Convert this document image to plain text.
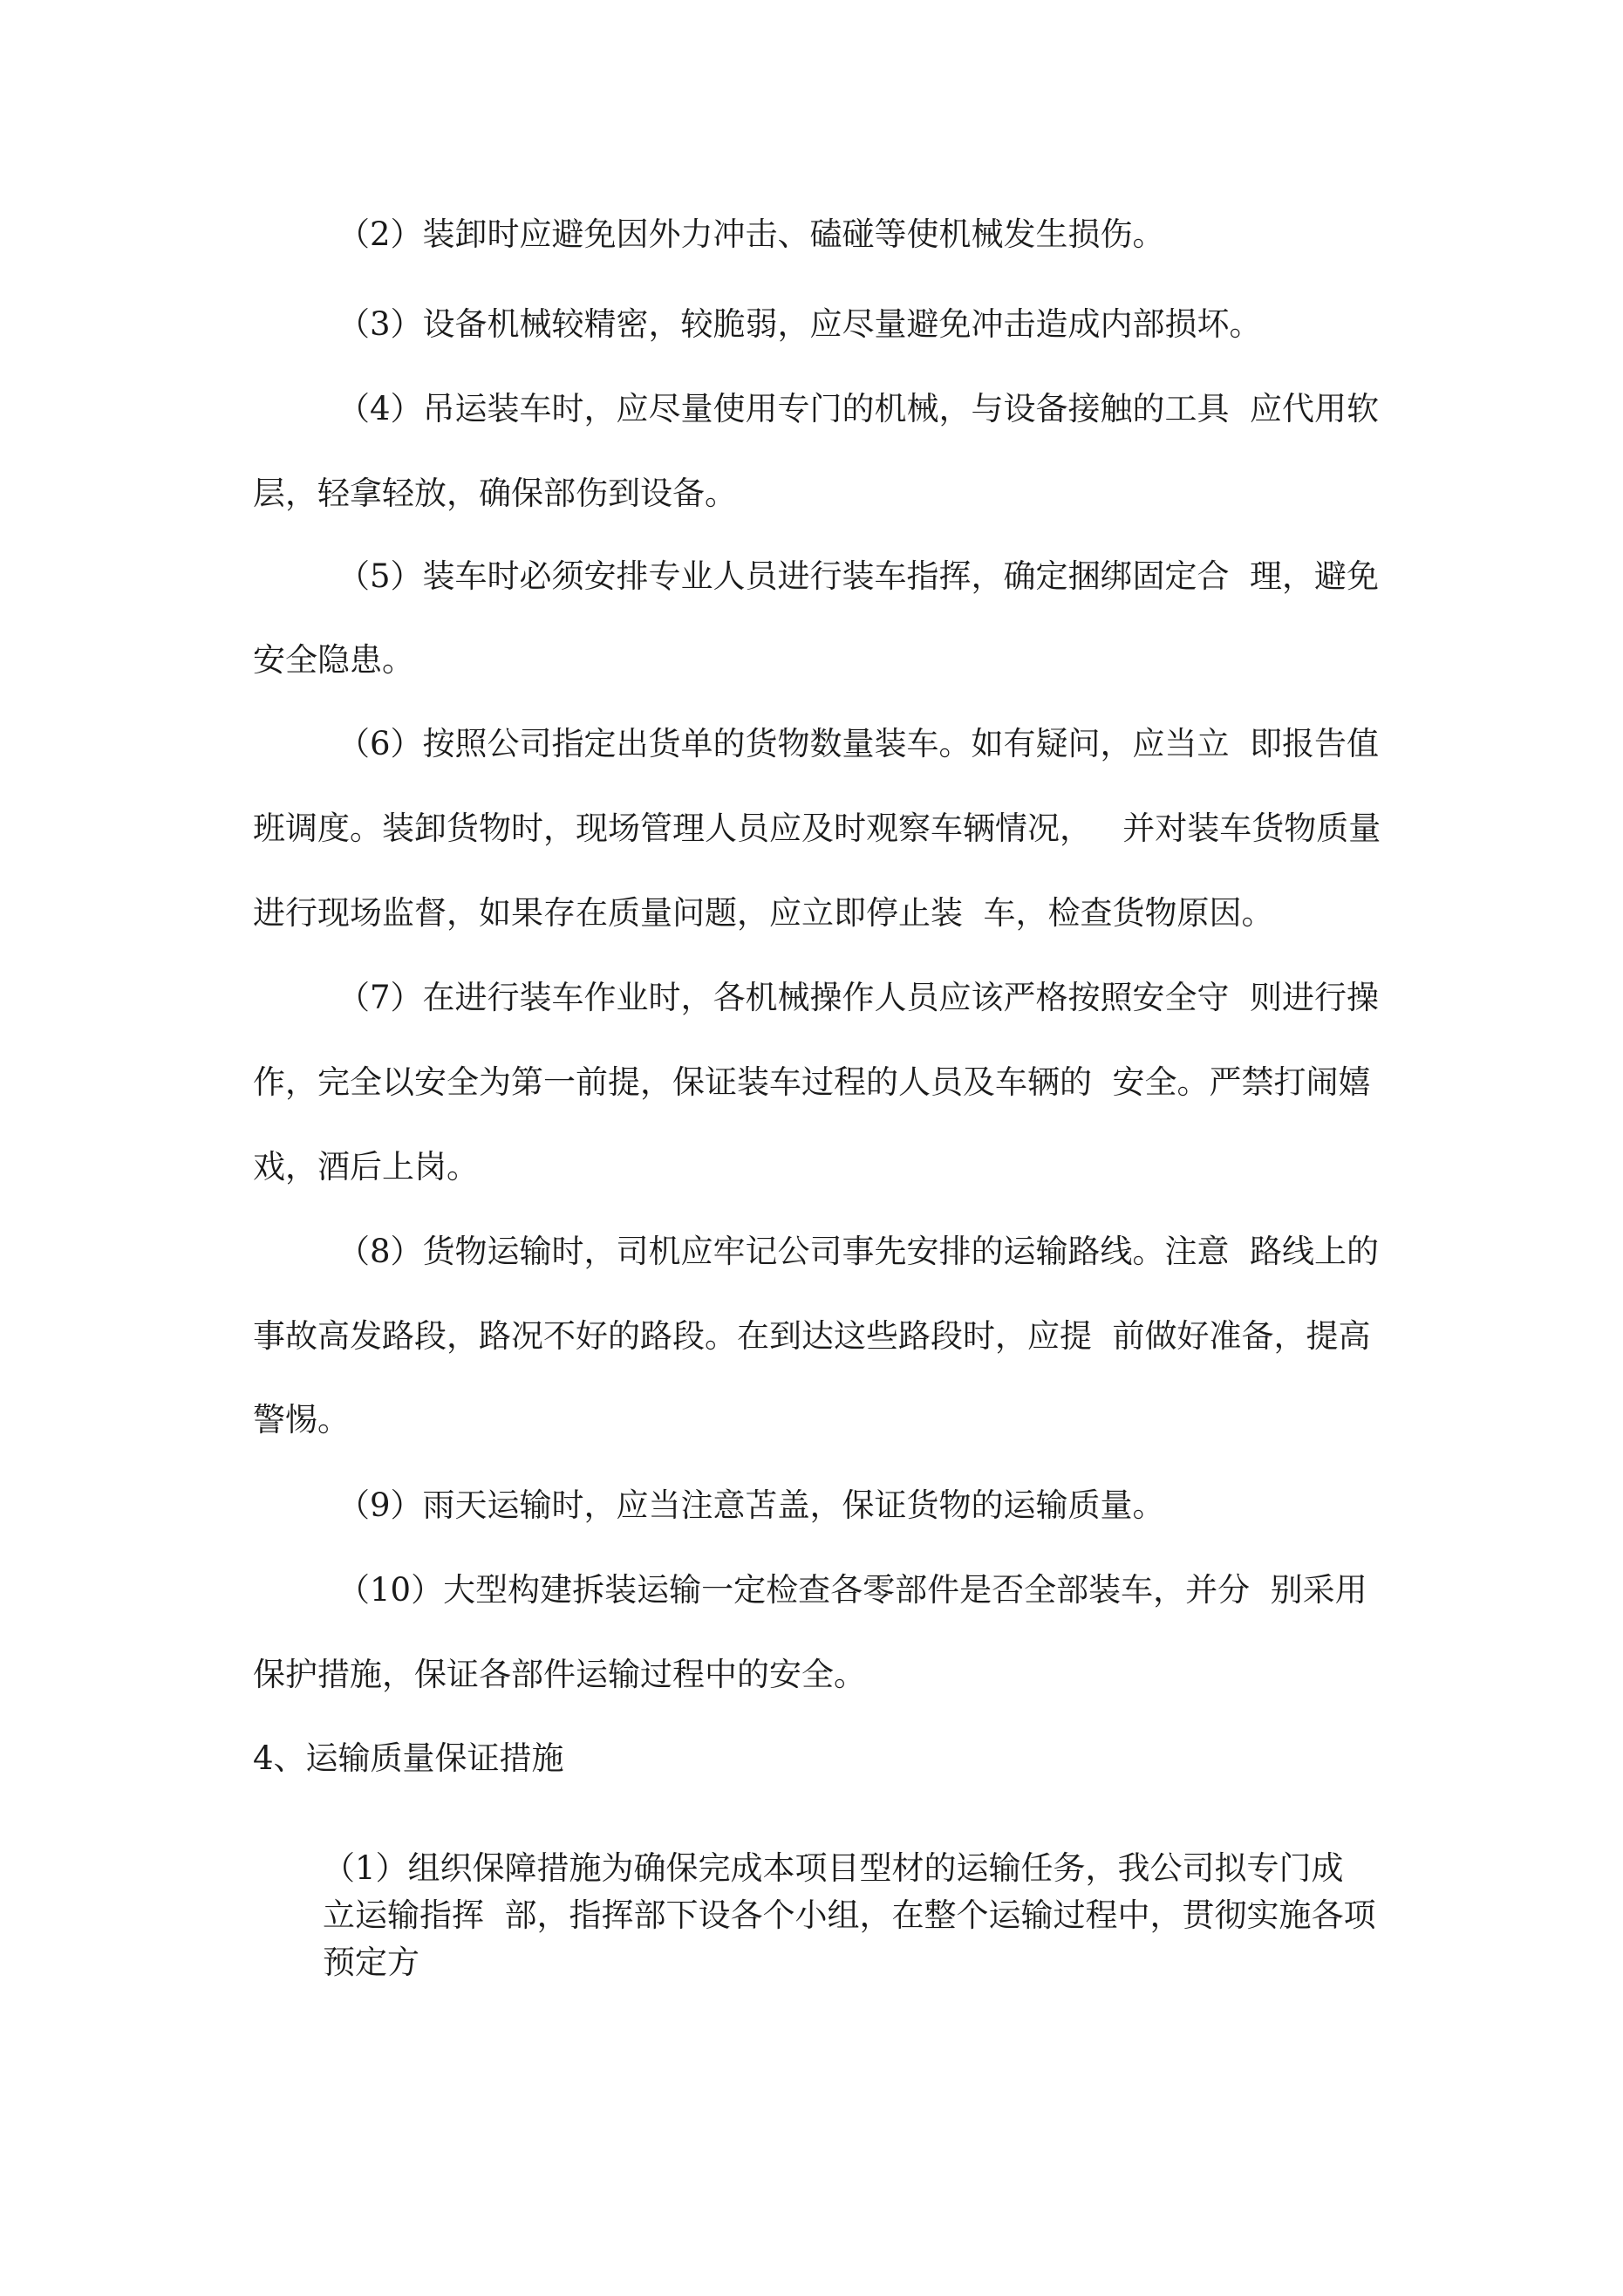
（2）装卸时应避免因外力冲击、磕碰等使机械发生损伤。

（3）设备机械较精密，较脆弱，应尽量避免冲击造成内部损坏。

（4）吊运装车时，应尽量使用专门的机械，与设备接触的工具  应代用软

层，轻拿轻放，确保部伤到设备。

（5）装车时必须安排专业人员进行装车指挥，确定捆绑固定合  理，避免

安全隐患。

（6）按照公司指定出货单的货物数量装车。如有疑问，应当立  即报告值

班调度。装卸货物时，现场管理人员应及时观察车辆情况，   并对装车货物质量

进行现场监督，如果存在质量问题，应立即停止装  车，检查货物原因。

（7）在进行装车作业时，各机械操作人员应该严格按照安全守  则进行操

作，完全以安全为第一前提，保证装车过程的人员及车辆的  安全。严禁打闹嬉

戏，酒后上岗。

（8）货物运输时，司机应牢记公司事先安排的运输路线。注意  路线上的

事故高发路段，路况不好的路段。在到达这些路段时，应提  前做好准备，提高

警惕。

（9）雨天运输时，应当注意苫盖，保证货物的运输质量。

（10）大型构建拆装运输一定检查各零部件是否全部装车，并分  别采用

保护措施，保证各部件运输过程中的安全。

4、运输质量保证措施

（1）组织保障措施为确保完成本项目型材的运输任务，我公司拟专门成

立运输指挥  部，指挥部下设各个小组，在整个运输过程中，贯彻实施各项

预定方
